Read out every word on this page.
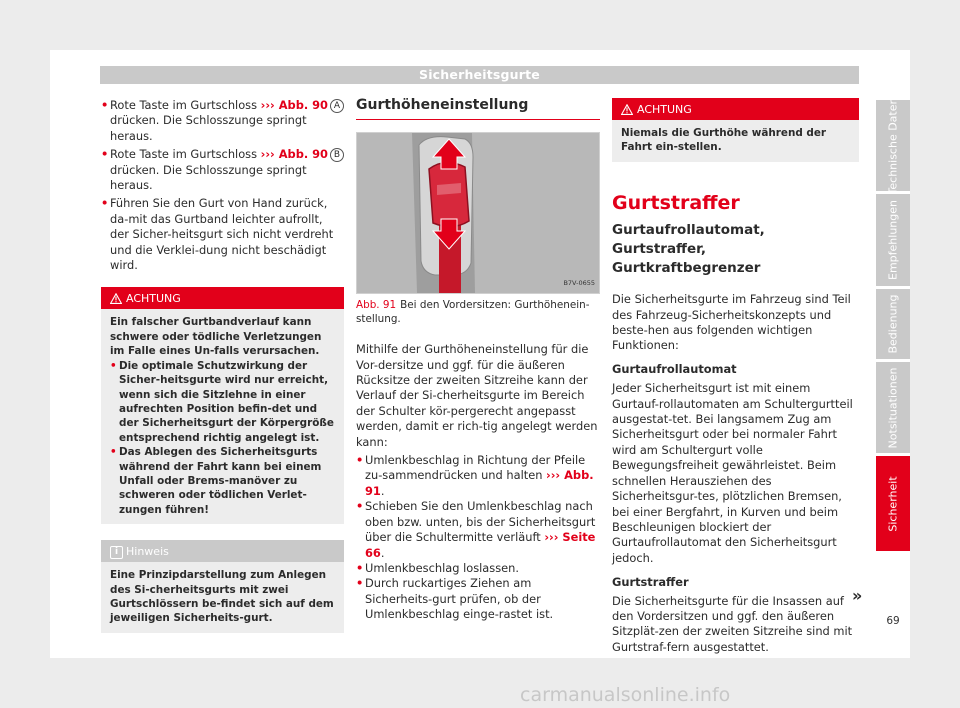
Sicherheitsgurte

• Rote Taste im Gurtschloss ››› Abb. 90 A drücken. Die Schlosszunge springt heraus.

• Rote Taste im Gurtschloss ››› Abb. 90 B drücken. Die Schlosszunge springt heraus.

• Führen Sie den Gurt von Hand zurück, da-mit das Gurtband leichter aufrollt, der Sicher-heitsgurt sich nicht verdreht und die Verklei-dung nicht beschädigt wird.

ACHTUNG

Ein falscher Gurtbandverlauf kann schwere oder tödliche Verletzungen im Falle eines Un-falls verursachen.

• Die optimale Schutzwirkung der Sicher-heitsgurte wird nur erreicht, wenn sich die Sitzlehne in einer aufrechten Position befin-det und der Sicherheitsgurt der Körpergröße entsprechend richtig angelegt ist.

• Das Ablegen des Sicherheitsgurts während der Fahrt kann bei einem Unfall oder Brems-manöver zu schweren oder tödlichen Verlet-zungen führen!

i Hinweis
Eine Prinzipdarstellung zum Anlegen des Si-cherheitsgurts mit zwei Gurtschlössern be-findet sich auf dem jeweiligen Sicherheits-gurt.
Gurthöheneinstellung
B7V-0655
Abb. 91 Bei den Vordersitzen: Gurthöhenein-stellung.

Mithilfe der Gurthöheneinstellung für die Vor-dersitze und ggf. für die äußeren Rücksitze der zweiten Sitzreihe kann der Verlauf der Si-cherheitsgurte im Bereich der Schulter kör-pergerecht angepasst werden, damit er rich-tig angelegt werden kann:

• Umlenkbeschlag in Richtung der Pfeile zu-sammendrücken und halten ››› Abb. 91.

• Schieben Sie den Umlenkbeschlag nach oben bzw. unten, bis der Sicherheitsgurt über die Schultermitte verläuft ››› Seite 66.

• Umlenkbeschlag loslassen.

• Durch ruckartiges Ziehen am Sicherheits-gurt prüfen, ob der Umlenkbeschlag einge-rastet ist.

ACHTUNG
Niemals die Gurthöhe während der Fahrt ein-stellen.
Gurtstraffer
Gurtaufrollautomat, Gurtstraffer, Gurtkraftbegrenzer

Die Sicherheitsgurte im Fahrzeug sind Teil des Fahrzeug-Sicherheitskonzepts und beste-hen aus folgenden wichtigen Funktionen:

Gurtaufrollautomat

Jeder Sicherheitsgurt ist mit einem Gurtauf-rollautomaten am Schultergurtteil ausgestat-tet. Bei langsamem Zug am Sicherheitsgurt oder bei normaler Fahrt wird am Schultergurt volle Bewegungsfreiheit gewährleistet. Beim schnellen Herausziehen des Sicherheitsgur-tes, plötzlichen Bremsen, bei einer Bergfahrt, in Kurven und beim Beschleunigen blockiert der Gurtaufrollautomat den Sicherheitsgurt jedoch.

Gurtstraffer

Die Sicherheitsgurte für die Insassen auf den Vordersitzen und ggf. den äußeren Sitzplät-zen der zweiten Sitzreihe sind mit Gurtstraf-fern ausgestattet.

»
Technische Daten
Empfehlungen
Bedienung
Notsituationen
Sicherheit
69
carmanualsonline.info
